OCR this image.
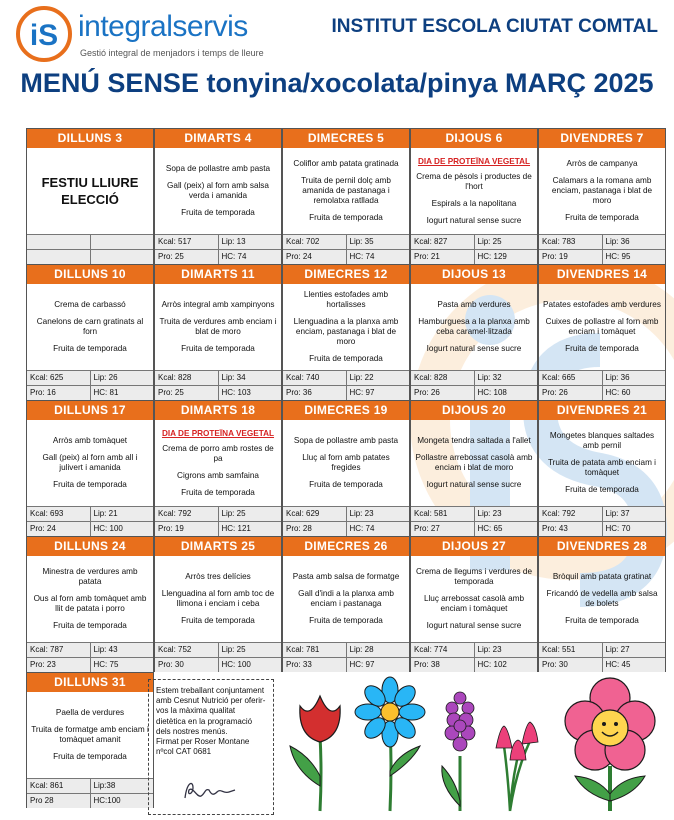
iS integralservis
Gestió integral de menjadors i temps de lleure
INSTITUT ESCOLA CIUTAT COMTAL
MENÚ SENSE tonyina/xocolata/pinya MARÇ 2025
DILLUNS 3

FESTIU LLIURE ELECCIÓ

DIMARTS 4

Sopa de pollastre amb pasta

Gall (peix) al forn amb salsa verda i amanida

Fruita de temporada

Kcal: 517	Lip: 13
Pro: 25	HC: 74
DIMECRES 5

Coliflor amb patata gratinada

Truita de pernil dolç amb amanida de pastanaga i remolatxa ratllada

Fruita de temporada

Kcal: 702	Lip: 35
Pro: 24	HC: 74
DIJOUS 6

DIA DE PROTEÏNA VEGETAL

Crema de pèsols i productes de l'hort

Espirals a la napolitana

Iogurt natural sense sucre

Kcal: 827	Lip: 25
Pro: 21	HC: 129
DIVENDRES 7

Arròs de campanya

Calamars a la romana amb enciam, pastanaga i blat de moro

Fruita de temporada

Kcal: 783	Lip: 36
Pro: 19	HC: 95
DILLUNS 10

Crema de carbassó

Canelons de carn gratinats al forn

Fruita de temporada

Kcal: 625	Lip: 26
Pro: 16	HC: 81
DIMARTS 11

Arròs integral amb xampinyons

Truita de verdures amb enciam i blat de moro

Fruita de temporada

Kcal: 828	Lip: 34
Pro: 25	HC: 103
DIMECRES 12

Llenties estofades amb hortalisses

Llenguadina a la planxa amb enciam, pastanaga i blat de moro

Fruita de temporada

Kcal: 740	Lip: 22
Pro: 36	HC: 97
DIJOUS 13

Pasta amb verdures

Hamburguesa a la planxa amb ceba caramel·litzada

Iogurt natural sense sucre

Kcal: 828	Lip: 32
Pro: 26	HC: 108
DIVENDRES 14

Patates estofades amb verdures

Cuixes de pollastre al forn amb enciam i tomàquet

Fruita de temporada

Kcal: 665	Lip: 36
Pro: 26	HC: 60
DILLUNS 17

Arròs amb tomàquet

Gall (peix) al forn amb all i julivert i amanida

Fruita de temporada

Kcal: 693	Lip: 21
Pro: 24	HC: 100
DIMARTS 18

DIA DE PROTEÏNA VEGETAL

Crema de porro amb rostes de pa

Cigrons amb samfaina

Fruita de temporada

Kcal: 792	Lip: 25
Pro: 19	HC: 121
DIMECRES 19

Sopa de pollastre amb pasta

Lluç al forn amb patates fregides

Fruita de temporada

Kcal: 629	Lip: 23
Pro: 28	HC: 74
DIJOUS 20

Mongeta tendra saltada a l'allet

Pollastre arrebossat casolà amb enciam i blat de moro

Iogurt natural sense sucre

Kcal: 581	Lip: 23
Pro: 27	HC: 65
DIVENDRES 21

Mongetes blanques saltades amb pernil

Truita de patata amb enciam i tomàquet

Fruita de temporada

Kcal: 792	Lip: 37
Pro: 43	HC: 70
DILLUNS 24

Minestra de verdures amb patata

Ous al forn amb tomàquet amb llit de patata i porro

Fruita de temporada

Kcal: 787	Lip: 43
Pro: 23	HC: 75
DIMARTS 25

Arròs tres delícies

Llenguadina al forn amb toc de llimona i enciam i ceba

Fruita de temporada

Kcal: 752	Lip: 25
Pro: 30	HC: 100
DIMECRES 26

Pasta amb salsa de formatge

Gall d'indi a la planxa amb enciam i pastanaga

Fruita de temporada

Kcal: 781	Lip: 28
Pro: 33	HC: 97
DIJOUS 27

Crema de llegums i verdures de temporada

Lluç arrebossat casolà amb enciam i tomàquet

Iogurt natural sense sucre

Kcal: 774	Lip: 23
Pro: 38	HC: 102
DIVENDRES 28

Bròquil amb patata gratinat

Fricandó de vedella amb salsa de bolets

Fruita de temporada

Kcal: 551	Lip: 27
Pro: 30	HC: 45
DILLUNS 31

Paella de verdures

Truita de formatge amb enciam i tomàquet amanit

Fruita de temporada

Kcal: 861	Lip:38
Pro 28	HC:100

Estem treballant conjuntament amb Cesnut Nutrició per oferir-vos la màxima qualitat dietètica en la programació dels nostres menús.

Firmat per Roser Montane nºcol CAT 0681
